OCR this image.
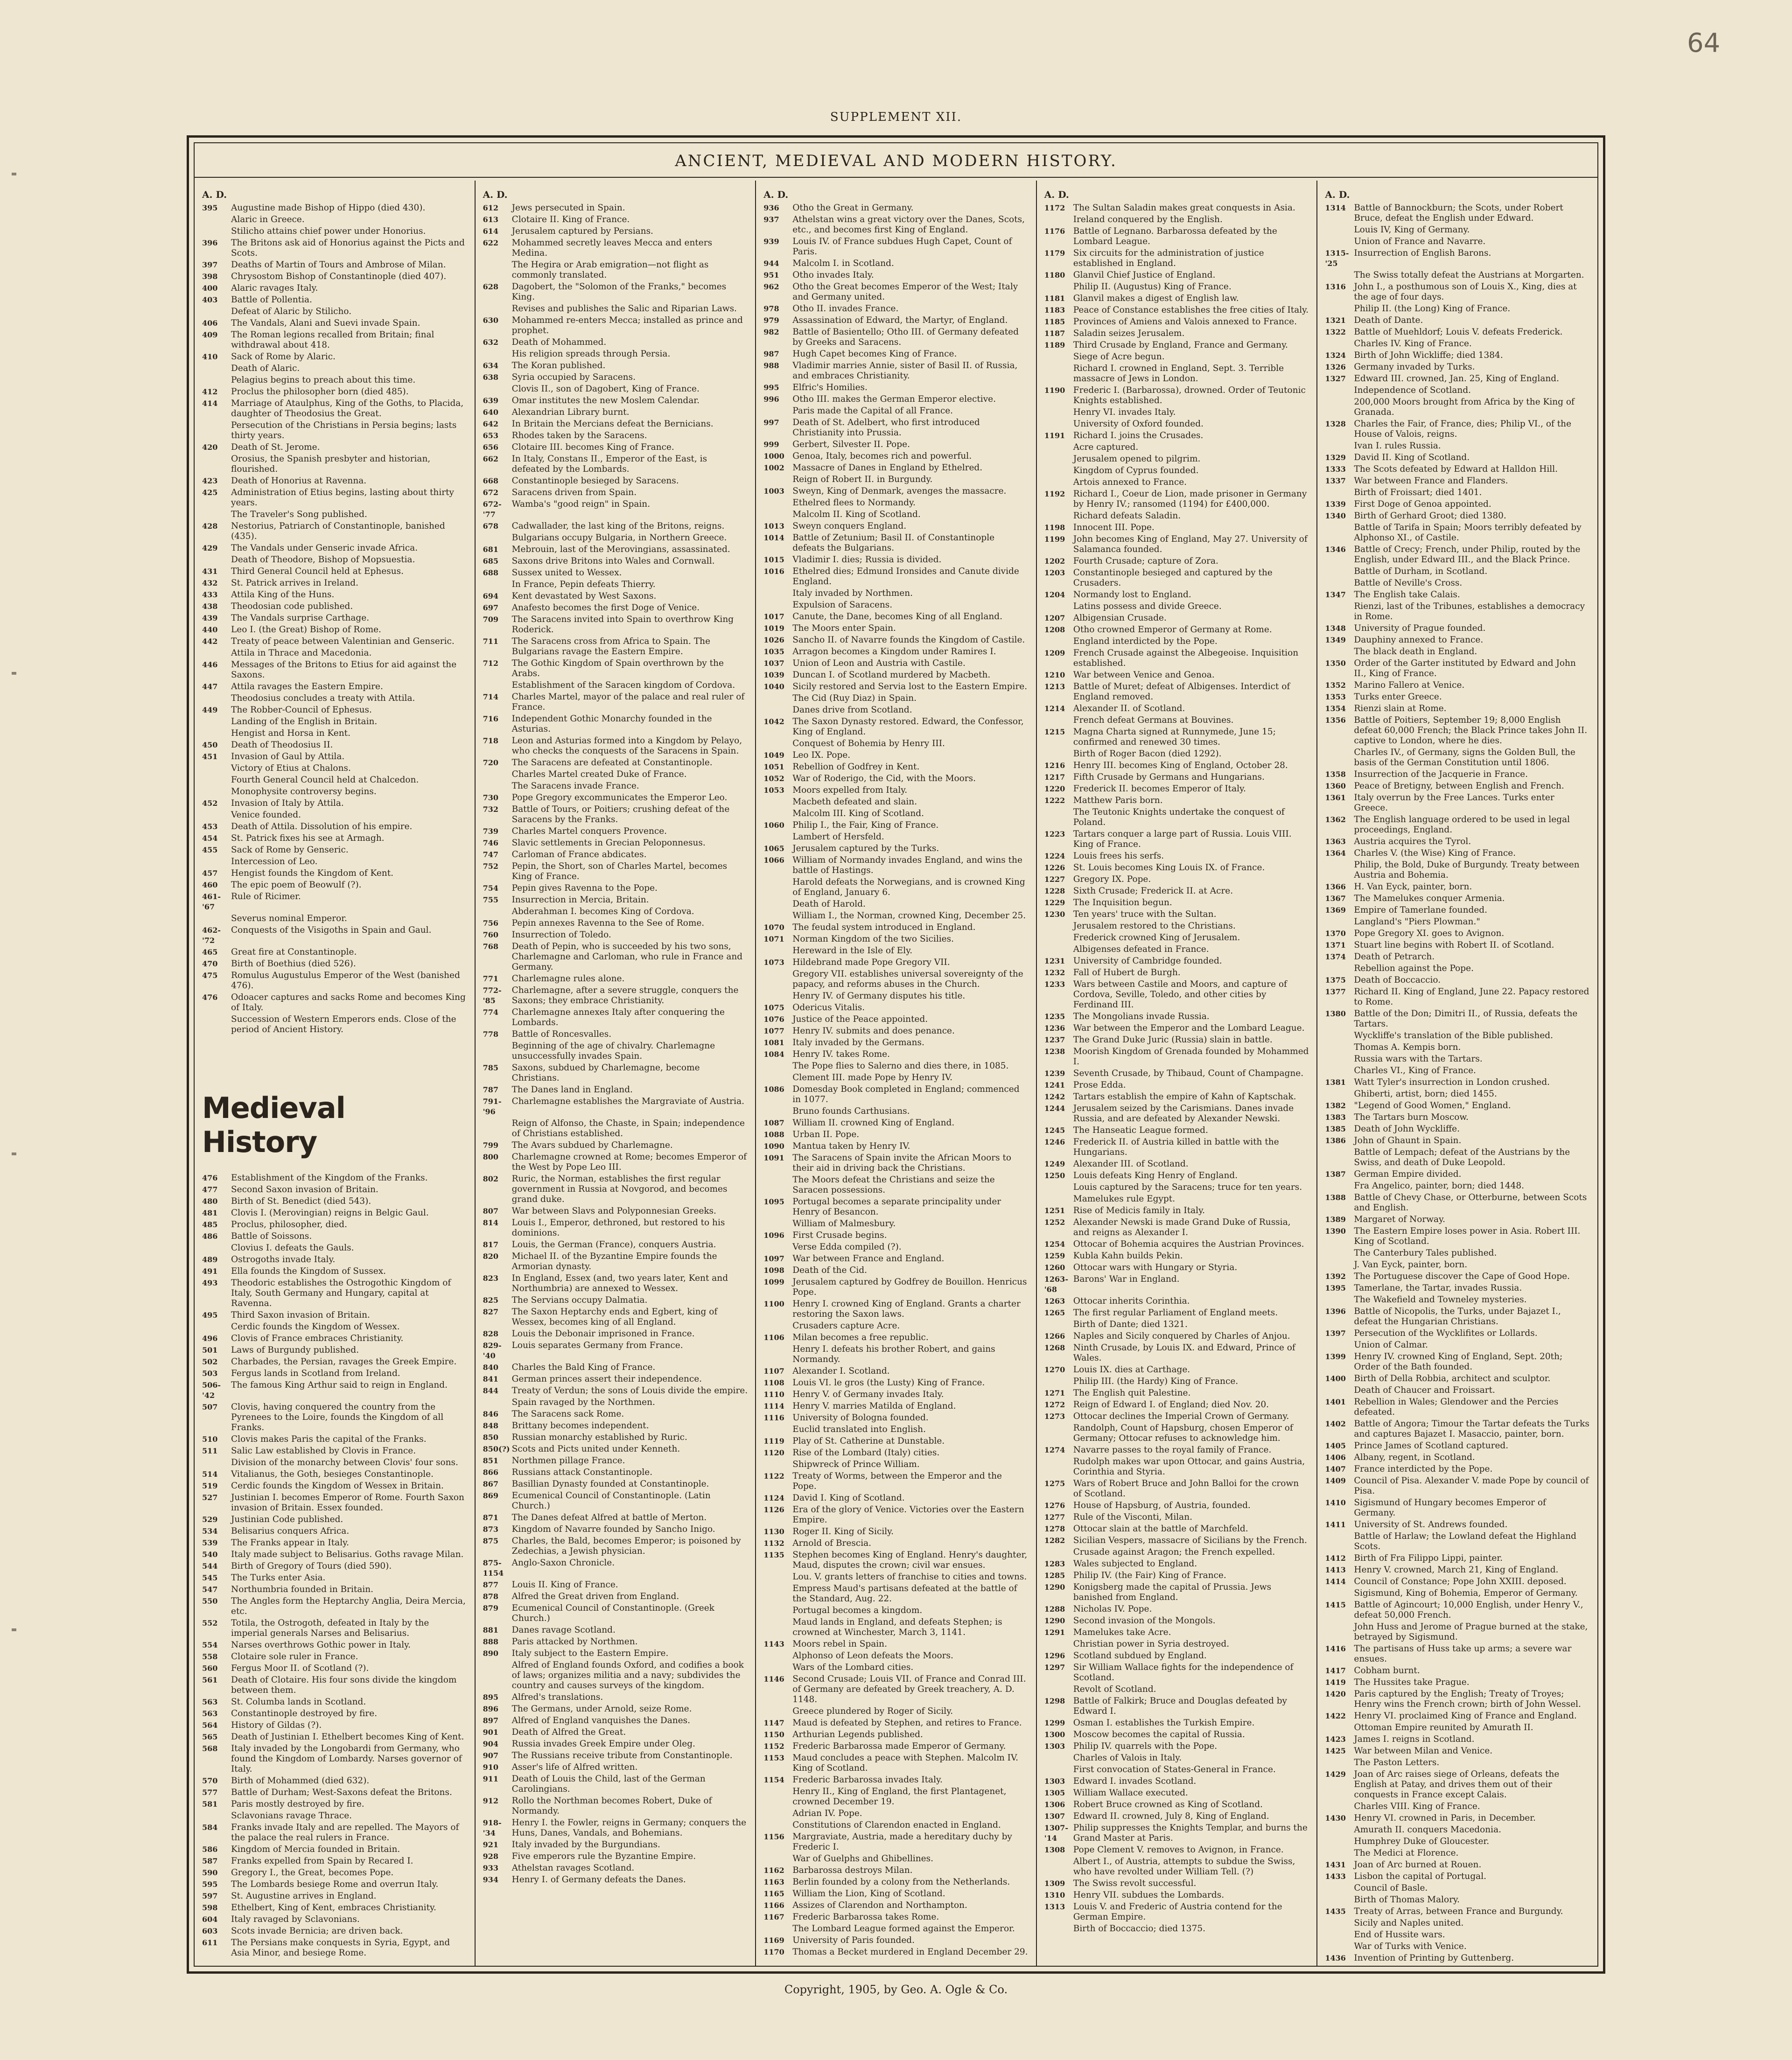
64
SUPPLEMENT XII.
ANCIENT, MEDIEVAL AND MODERN HISTORY.
A. D.
395	Augustine made Bishop of Hippo (died 430).
Alaric in Greece.
Stilicho attains chief power under Honorius.
396	The Britons ask aid of Honorius against the Picts and Scots.
397	Deaths of Martin of Tours and Ambrose of Milan.
398	Chrysostom Bishop of Constantinople (died 407).
400	Alaric ravages Italy.
403	Battle of Pollentia.
Defeat of Alaric by Stilicho.
406	The Vandals, Alani and Suevi invade Spain.
409	The Roman legions recalled from Britain; final withdrawal about 418.
410	Sack of Rome by Alaric.
Death of Alaric.
Pelagius begins to preach about this time.
412	Proclus the philosopher born (died 485).
414	Marriage of Ataulphus, King of the Goths, to Placida, daughter of Theodosius the Great.
Persecution of the Christians in Persia begins; lasts thirty years.
420	Death of St. Jerome.
Orosius, the Spanish presbyter and historian, flourished.
423	Death of Honorius at Ravenna.
425	Administration of Etius begins, lasting about thirty years.
The Traveler's Song published.
428	Nestorius, Patriarch of Constantinople, banished (435).
429	The Vandals under Genseric invade Africa.
Death of Theodore, Bishop of Mopsuestia.
431	Third General Council held at Ephesus.
432	St. Patrick arrives in Ireland.
433	Attila King of the Huns.
438	Theodosian code published.
439	The Vandals surprise Carthage.
440	Leo I. (the Great) Bishop of Rome.
442	Treaty of peace between Valentinian and Genseric.
Attila in Thrace and Macedonia.
446	Messages of the Britons to Etius for aid against the Saxons.
447	Attila ravages the Eastern Empire.
Theodosius concludes a treaty with Attila.
449	The Robber-Council of Ephesus.
Landing of the English in Britain.
Hengist and Horsa in Kent.
450	Death of Theodosius II.
451	Invasion of Gaul by Attila.
Victory of Etius at Chalons.
Fourth General Council held at Chalcedon.
Monophysite controversy begins.
452	Invasion of Italy by Attila.
Venice founded.
453	Death of Attila. Dissolution of his empire.
454	St. Patrick fixes his see at Armagh.
455	Sack of Rome by Genseric.
Intercession of Leo.
457	Hengist founds the Kingdom of Kent.
460	The epic poem of Beowulf (?).
461-'67
Rule of Ricimer.
Severus nominal Emperor.
462-'72
Conquests of the Visigoths in Spain and Gaul.
465	Great fire at Constantinople.
470	Birth of Boethius (died 526).
475	Romulus Augustulus Emperor of the West (banished 476).
476	Odoacer captures and sacks Rome and becomes King of Italy.
Succession of Western Emperors ends. Close of the period of Ancient History.
Medieval History
476	Establishment of the Kingdom of the Franks.
477	Second Saxon invasion of Britain.
480	Birth of St. Benedict (died 543).
481	Clovis I. (Merovingian) reigns in Belgic Gaul.
485	Proclus, philosopher, died.
486	Battle of Soissons.
Clovius I. defeats the Gauls.
489	Ostrogoths invade Italy.
491	Ella founds the Kingdom of Sussex.
493	Theodoric establishes the Ostrogothic Kingdom of Italy, South Germany and Hungary, capital at Ravenna.
495	Third Saxon invasion of Britain.
Cerdic founds the Kingdom of Wessex.
496	Clovis of France embraces Christianity.
501	Laws of Burgundy published.
502	Charbades, the Persian, ravages the Greek Empire.
503	Fergus lands in Scotland from Ireland.
506-'42
The famous King Arthur said to reign in England.
507	Clovis, having conquered the country from the Pyrenees to the Loire, founds the Kingdom of all Franks.
510	Clovis makes Paris the capital of the Franks.
511	Salic Law established by Clovis in France.
Division of the monarchy between Clovis' four sons.
514	Vitalianus, the Goth, besieges Constantinople.
519	Cerdic founds the Kingdom of Wessex in Britain.
527	Justinian I. becomes Emperor of Rome. Fourth Saxon invasion of Britain. Essex founded.
529	Justinian Code published.
534	Belisarius conquers Africa.
539	The Franks appear in Italy.
540	Italy made subject to Belisarius. Goths ravage Milan.
544	Birth of Gregory of Tours (died 590).
545	The Turks enter Asia.
547	Northumbria founded in Britain.
550	The Angles form the Heptarchy Anglia, Deira Mercia, etc.
552	Totila, the Ostrogoth, defeated in Italy by the imperial generals Narses and Belisarius.
554	Narses overthrows Gothic power in Italy.
558	Clotaire sole ruler in France.
560	Fergus Moor II. of Scotland (?).
561	Death of Clotaire. His four sons divide the kingdom between them.
563	St. Columba lands in Scotland.
563	Constantinople destroyed by fire.
564	History of Gildas (?).
565	Death of Justinian I. Ethelbert becomes King of Kent.
568	Italy invaded by the Longobardi from Germany, who found the Kingdom of Lombardy. Narses governor of Italy.
570	Birth of Mohammed (died 632).
577	Battle of Durham; West-Saxons defeat the Britons.
581	Paris mostly destroyed by fire.
Sclavonians ravage Thrace.
584	Franks invade Italy and are repelled. The Mayors of the palace the real rulers in France.
586	Kingdom of Mercia founded in Britain.
587	Franks expelled from Spain by Recared I.
590	Gregory I., the Great, becomes Pope.
595	The Lombards besiege Rome and overrun Italy.
597	St. Augustine arrives in England.
598	Ethelbert, King of Kent, embraces Christianity.
604	Italy ravaged by Sclavonians.
603	Scots invade Bernicia; are driven back.
611	The Persians make conquests in Syria, Egypt, and Asia Minor, and besiege Rome.
A. D.
612	Jews persecuted in Spain.
613	Clotaire II. King of France.
614	Jerusalem captured by Persians.
622	Mohammed secretly leaves Mecca and enters Medina.
The Hegira or Arab emigration—not flight as commonly translated.
628	Dagobert, the "Solomon of the Franks," becomes King.
Revises and publishes the Salic and Riparian Laws.
630	Mohammed re-enters Mecca; installed as prince and prophet.
632	Death of Mohammed.
His religion spreads through Persia.
634	The Koran published.
638	Syria occupied by Saracens.
Clovis II., son of Dagobert, King of France.
639	Omar institutes the new Moslem Calendar.
640	Alexandrian Library burnt.
642	In Britain the Mercians defeat the Bernicians.
653	Rhodes taken by the Saracens.
656	Clotaire III. becomes King of France.
662	In Italy, Constans II., Emperor of the East, is defeated by the Lombards.
668	Constantinople besieged by Saracens.
672	Saracens driven from Spain.
672-'77
Wamba's "good reign" in Spain.
678	Cadwallader, the last king of the Britons, reigns.
Bulgarians occupy Bulgaria, in Northern Greece.
681	Mebrouin, last of the Merovingians, assassinated.
685	Saxons drive Britons into Wales and Cornwall.
688	Sussex united to Wessex.
In France, Pepin defeats Thierry.
694	Kent devastated by West Saxons.
697	Anafesto becomes the first Doge of Venice.
709	The Saracens invited into Spain to overthrow King Roderick.
711	The Saracens cross from Africa to Spain. The Bulgarians ravage the Eastern Empire.
712	The Gothic Kingdom of Spain overthrown by the Arabs.
Establishment of the Saracen kingdom of Cordova.
714	Charles Martel, mayor of the palace and real ruler of France.
716	Independent Gothic Monarchy founded in the Asturias.
718	Leon and Asturias formed into a Kingdom by Pelayo, who checks the conquests of the Saracens in Spain.
720	The Saracens are defeated at Constantinople.
Charles Martel created Duke of France.
The Saracens invade France.
730	Pope Gregory excommunicates the Emperor Leo.
732	Battle of Tours, or Poitiers; crushing defeat of the Saracens by the Franks.
739	Charles Martel conquers Provence.
746	Slavic settlements in Grecian Peloponnesus.
747	Carloman of France abdicates.
752	Pepin, the Short, son of Charles Martel, becomes King of France.
754	Pepin gives Ravenna to the Pope.
755	Insurrection in Mercia, Britain.
Abderahman I. becomes King of Cordova.
756	Pepin annexes Ravenna to the See of Rome.
760	Insurrection of Toledo.
768	Death of Pepin, who is succeeded by his two sons, Charlemagne and Carloman, who rule in France and Germany.
771	Charlemagne rules alone.
772-'85
Charlemagne, after a severe struggle, conquers the Saxons; they embrace Christianity.
774	Charlemagne annexes Italy after conquering the Lombards.
778	Battle of Roncesvalles.
Beginning of the age of chivalry. Charlemagne unsuccessfully invades Spain.
785	Saxons, subdued by Charlemagne, become Christians.
787	The Danes land in England.
791-'96
Charlemagne establishes the Margraviate of Austria.
Reign of Alfonso, the Chaste, in Spain; independence of Christians established.
799	The Avars subdued by Charlemagne.
800	Charlemagne crowned at Rome; becomes Emperor of the West by Pope Leo III.
802	Ruric, the Norman, establishes the first regular government in Russia at Novgorod, and becomes grand duke.
807	War between Slavs and Polyponnesian Greeks.
814	Louis I., Emperor, dethroned, but restored to his dominions.
817	Louis, the German (France), conquers Austria.
820	Michael II. of the Byzantine Empire founds the Armorian dynasty.
823	In England, Essex (and, two years later, Kent and Northumbria) are annexed to Wessex.
825	The Servians occupy Dalmatia.
827	The Saxon Heptarchy ends and Egbert, king of Wessex, becomes king of all England.
828	Louis the Debonair imprisoned in France.
829-'40
Louis separates Germany from France.
840	Charles the Bald King of France.
841	German princes assert their independence.
844	Treaty of Verdun; the sons of Louis divide the empire.
Spain ravaged by the Northmen.
846	The Saracens sack Rome.
848	Brittany becomes independent.
850	Russian monarchy established by Ruric.
850(?) Scots and Picts united under Kenneth.
851	Northmen pillage France.
866	Russians attack Constantinople.
867	Basillian Dynasty founded at Constantinople.
869	Ecumenical Council of Constantinople. (Latin Church.)
871	The Danes defeat Alfred at battle of Merton.
873	Kingdom of Navarre founded by Sancho Inigo.
875	Charles, the Bald, becomes Emperor; is poisoned by Zedechias, a Jewish physician.
875-1154
Anglo-Saxon Chronicle.
877	Louis II. King of France.
878	Alfred the Great driven from England.
879	Ecumenical Council of Constantinople. (Greek Church.)
881	Danes ravage Scotland.
888	Paris attacked by Northmen.
890	Italy subject to the Eastern Empire.
Alfred of England founds Oxford, and codifies a book of laws; organizes militia and a navy; subdivides the country and causes surveys of the kingdom.
895	Alfred's translations.
896	The Germans, under Arnold, seize Rome.
897	Alfred of England vanquishes the Danes.
901	Death of Alfred the Great.
904	Russia invades Greek Empire under Oleg.
907	The Russians receive tribute from Constantinople.
910	Asser's life of Alfred written.
911	Death of Louis the Child, last of the German Carolingians.
912	Rollo the Northman becomes Robert, Duke of Normandy.
918-'34
Henry I. the Fowler, reigns in Germany; conquers the Huns, Danes, Vandals, and Bohemians.
921	Italy invaded by the Burgundians.
928	Five emperors rule the Byzantine Empire.
933	Athelstan ravages Scotland.
934	Henry I. of Germany defeats the Danes.
A. D.
936	Otho the Great in Germany.
937	Athelstan wins a great victory over the Danes, Scots, etc., and becomes first King of England.
939	Louis IV. of France subdues Hugh Capet, Count of Paris.
944	Malcolm I. in Scotland.
951	Otho invades Italy.
962	Otho the Great becomes Emperor of the West; Italy and Germany united.
978	Otho II. invades France.
979	Assassination of Edward, the Martyr, of England.
982	Battle of Basientello; Otho III. of Germany defeated by Greeks and Saracens.
987	Hugh Capet becomes King of France.
988	Vladimir marries Annie, sister of Basil II. of Russia, and embraces Christianity.
995	Elfric's Homilies.
996	Otho III. makes the German Emperor elective.
Paris made the Capital of all France.
997	Death of St. Adelbert, who first introduced Christianity into Prussia.
999	Gerbert, Silvester II. Pope.
1000 Genoa, Italy, becomes rich and powerful.
1002 Massacre of Danes in England by Ethelred.
Reign of Robert II. in Burgundy.
1003 Sweyn, King of Denmark, avenges the massacre.
Ethelred flees to Normandy.
Malcolm II. King of Scotland.
1013 Sweyn conquers England.
1014 Battle of Zetunium; Basil II. of Constantinople defeats the Bulgarians.
1015 Vladimir I. dies; Russia is divided.
1016 Ethelred dies; Edmund Ironsides and Canute divide England.
Italy invaded by Northmen.
Expulsion of Saracens.
1017 Canute, the Dane, becomes King of all England.
1019 The Moors enter Spain.
1026 Sancho II. of Navarre founds the Kingdom of Castile.
1035 Arragon becomes a Kingdom under Ramires I.
1037 Union of Leon and Austria with Castile.
1039 Duncan I. of Scotland murdered by Macbeth.
1040 Sicily restored and Servia lost to the Eastern Empire.
The Cid (Ruy Diaz) in Spain.
Danes drive from Scotland.
1042 The Saxon Dynasty restored. Edward, the Confessor, King of England.
Conquest of Bohemia by Henry III.
1049 Leo IX. Pope.
1051 Rebellion of Godfrey in Kent.
1052 War of Roderigo, the Cid, with the Moors.
1053 Moors expelled from Italy.
Macbeth defeated and slain.
Malcolm III. King of Scotland.
1060 Philip I., the Fair, King of France.
Lambert of Hersfeld.
1065 Jerusalem captured by the Turks.
1066 William of Normandy invades England, and wins the battle of Hastings.
Harold defeats the Norwegians, and is crowned King of England, January 6.
Death of Harold.
William I., the Norman, crowned King, December 25.
1070 The feudal system introduced in England.
1071 Norman Kingdom of the two Sicilies.
Hereward in the Isle of Ely.
1073 Hildebrand made Pope Gregory VII.
Gregory VII. establishes universal sovereignty of the papacy, and reforms abuses in the Church.
Henry IV. of Germany disputes his title.
1075 Odericus Vitalis.
1076 Justice of the Peace appointed.
1077 Henry IV. submits and does penance.
1081 Italy invaded by the Germans.
1084 Henry IV. takes Rome.
The Pope flies to Salerno and dies there, in 1085.
Clement III. made Pope by Henry IV.
1086 Domesday Book completed in England; commenced in 1077.
Bruno founds Carthusians.
1087 William II. crowned King of England.
1088 Urban II. Pope.
1090 Mantua taken by Henry IV.
1091 The Saracens of Spain invite the African Moors to their aid in driving back the Christians.
The Moors defeat the Christians and seize the Saracen possessions.
1095 Portugal becomes a separate principality under Henry of Besancon.
William of Malmesbury.
1096 First Crusade begins.
Verse Edda compiled (?).
1097 War between France and England.
1098 Death of the Cid.
1099 Jerusalem captured by Godfrey de Bouillon. Henricus Pope.
1100 Henry I. crowned King of England. Grants a charter restoring the Saxon laws.
Crusaders capture Acre.
1106 Milan becomes a free republic.
Henry I. defeats his brother Robert, and gains Normandy.
1107 Alexander I. Scotland.
1108 Louis VI. le gros (the Lusty) King of France.
1110 Henry V. of Germany invades Italy.
1114 Henry V. marries Matilda of England.
1116 University of Bologna founded.
Euclid translated into English.
1119 Play of St. Catherine at Dunstable.
1120 Rise of the Lombard (Italy) cities.
Shipwreck of Prince William.
1122 Treaty of Worms, between the Emperor and the Pope.
1124 David I. King of Scotland.
1126 Era of the glory of Venice. Victories over the Eastern Empire.
1130 Roger II. King of Sicily.
1132 Arnold of Brescia.
1135 Stephen becomes King of England. Henry's daughter, Maud, disputes the crown; civil war ensues.
Lou. V. grants letters of franchise to cities and towns.
Empress Maud's partisans defeated at the battle of the Standard, Aug. 22.
Portugal becomes a kingdom.
Maud lands in England, and defeats Stephen; is crowned at Winchester, March 3, 1141.
1143 Moors rebel in Spain.
Alphonso of Leon defeats the Moors.
Wars of the Lombard cities.
1146 Second Crusade; Louis VII. of France and Conrad III. of Germany are defeated by Greek treachery, A. D. 1148.
Greece plundered by Roger of Sicily.
1147 Maud is defeated by Stephen, and retires to France.
1150 Arthurian Legends published.
1152 Frederic Barbarossa made Emperor of Germany.
1153 Maud concludes a peace with Stephen. Malcolm IV. King of Scotland.
1154 Frederic Barbarossa invades Italy.
Henry II., King of England, the first Plantagenet, crowned December 19.
Adrian IV. Pope.
Constitutions of Clarendon enacted in England.
1156 Margraviate, Austria, made a hereditary duchy by Frederic I.
War of Guelphs and Ghibellines.
1162 Barbarossa destroys Milan.
1163 Berlin founded by a colony from the Netherlands.
1165 William the Lion, King of Scotland.
1166 Assizes of Clarendon and Northampton.
1167 Frederic Barbarossa takes Rome.
The Lombard League formed against the Emperor.
1169 University of Paris founded.
1170 Thomas a Becket murdered in England December 29.
A. D.
1172 The Sultan Saladin makes great conquests in Asia.
Ireland conquered by the English.
1176 Battle of Legnano. Barbarossa defeated by the Lombard League.
1179 Six circuits for the administration of justice established in England.
1180 Glanvil Chief Justice of England.
Philip II. (Augustus) King of France.
1181 Glanvil makes a digest of English law.
1183 Peace of Constance establishes the free cities of Italy.
1185 Provinces of Amiens and Valois annexed to France.
1187 Saladin seizes Jerusalem.
1189 Third Crusade by England, France and Germany.
Siege of Acre begun.
Richard I. crowned in England, Sept. 3. Terrible massacre of Jews in London.
1190 Frederic I. (Barbarossa), drowned. Order of Teutonic Knights established.
Henry VI. invades Italy.
University of Oxford founded.
1191 Richard I. joins the Crusades.
Acre captured.
Jerusalem opened to pilgrim.
Kingdom of Cyprus founded.
Artois annexed to France.
1192 Richard I., Coeur de Lion, made prisoner in Germany by Henry IV.; ransomed (1194) for £400,000.
Richard defeats Saladin.
1198 Innocent III. Pope.
1199 John becomes King of England, May 27. University of Salamanca founded.
1202 Fourth Crusade; capture of Zora.
1203 Constantinople besieged and captured by the Crusaders.
1204 Normandy lost to England.
Latins possess and divide Greece.
1207 Albigensian Crusade.
1208 Otho crowned Emperor of Germany at Rome.
England interdicted by the Pope.
1209 French Crusade against the Albegeoise. Inquisition established.
1210 War between Venice and Genoa.
1213 Battle of Muret; defeat of Albigenses. Interdict of England removed.
1214 Alexander II. of Scotland.
French defeat Germans at Bouvines.
1215 Magna Charta signed at Runnymede, June 15; confirmed and renewed 30 times.
Birth of Roger Bacon (died 1292).
1216 Henry III. becomes King of England, October 28.
1217 Fifth Crusade by Germans and Hungarians.
1220 Frederick II. becomes Emperor of Italy.
1222 Matthew Paris born.
The Teutonic Knights undertake the conquest of Poland.
1223 Tartars conquer a large part of Russia. Louis VIII. King of France.
1224 Louis frees his serfs.
1226 St. Louis becomes King Louis IX. of France.
1227 Gregory IX. Pope.
1228 Sixth Crusade; Frederick II. at Acre.
1229 The Inquisition begun.
1230 Ten years' truce with the Sultan.
Jerusalem restored to the Christians.
Frederick crowned King of Jerusalem.
Albigenses defeated in France.
1231 University of Cambridge founded.
1232 Fall of Hubert de Burgh.
1233 Wars between Castile and Moors, and capture of Cordova, Seville, Toledo, and other cities by Ferdinand III.
1235 The Mongolians invade Russia.
1236 War between the Emperor and the Lombard League.
1237 The Grand Duke Juric (Russia) slain in battle.
1238 Moorish Kingdom of Grenada founded by Mohammed I.
1239 Seventh Crusade, by Thibaud, Count of Champagne.
1241 Prose Edda.
1242 Tartars establish the empire of Kahn of Kaptschak.
1244 Jerusalem seized by the Carismians. Danes invade Russia, and are defeated by Alexander Newski.
1245 The Hanseatic League formed.
1246 Frederick II. of Austria killed in battle with the Hungarians.
1249 Alexander III. of Scotland.
1250 Louis defeats King Henry of England.
Louis captured by the Saracens; truce for ten years.
Mamelukes rule Egypt.
1251 Rise of Medicis family in Italy.
1252 Alexander Newski is made Grand Duke of Russia, and reigns as Alexander I.
1254 Ottocar of Bohemia acquires the Austrian Provinces.
1259 Kubla Kahn builds Pekin.
1260 Ottocar wars with Hungary or Styria.
1263-'68
Barons' War in England.
1263 Ottocar inherits Corinthia.
1265 The first regular Parliament of England meets.
Birth of Dante; died 1321.
1266 Naples and Sicily conquered by Charles of Anjou.
1268 Ninth Crusade, by Louis IX. and Edward, Prince of Wales.
1270 Louis IX. dies at Carthage.
Philip III. (the Hardy) King of France.
1271 The English quit Palestine.
1272 Reign of Edward I. of England; died Nov. 20.
1273 Ottocar declines the Imperial Crown of Germany.
Randolph, Count of Hapsburg, chosen Emperor of Germany; Ottocar refuses to acknowledge him.
1274 Navarre passes to the royal family of France.
Rudolph makes war upon Ottocar, and gains Austria, Corinthia and Styria.
1275 Wars of Robert Bruce and John Balloi for the crown of Scotland.
1276 House of Hapsburg, of Austria, founded.
1277 Rule of the Visconti, Milan.
1278 Ottocar slain at the battle of Marchfeld.
1282 Sicilian Vespers, massacre of Sicilians by the French.
Crusade against Aragon; the French expelled.
1283 Wales subjected to England.
1285 Philip IV. (the Fair) King of France.
1290 Konigsberg made the capital of Prussia. Jews banished from England.
1288 Nicholas IV. Pope.
1290 Second invasion of the Mongols.
1291 Mamelukes take Acre.
Christian power in Syria destroyed.
1296 Scotland subdued by England.
1297 Sir William Wallace fights for the independence of Scotland.
Revolt of Scotland.
1298 Battle of Falkirk; Bruce and Douglas defeated by Edward I.
1299 Osman I. establishes the Turkish Empire.
1300 Moscow becomes the capital of Russia.
1303 Philip IV. quarrels with the Pope.
Charles of Valois in Italy.
First convocation of States-General in France.
1303 Edward I. invades Scotland.
1305 William Wallace executed.
1306 Robert Bruce crowned as King of Scotland.
1307 Edward II. crowned, July 8, King of England.
1307-'14
Philip suppresses the Knights Templar, and burns the Grand Master at Paris.
1308 Pope Clement V. removes to Avignon, in France.
Albert I., of Austria, attempts to subdue the Swiss, who have revolted under William Tell. (?)
1309 The Swiss revolt successful.
1310 Henry VII. subdues the Lombards.
1313 Louis V. and Frederic of Austria contend for the German Empire.
Birth of Boccaccio; died 1375.
A. D.
1314 Battle of Bannockburn; the Scots, under Robert Bruce, defeat the English under Edward.
Louis IV, King of Germany.
Union of France and Navarre.
1315-'25
Insurrection of English Barons.
The Swiss totally defeat the Austrians at Morgarten.
1316 John I., a posthumous son of Louis X., King, dies at the age of four days.
Philip II. (the Long) King of France.
1321 Death of Dante.
1322 Battle of Muehldorf; Louis V. defeats Frederick.
Charles IV. King of France.
1324 Birth of John Wickliffe; died 1384.
1326 Germany invaded by Turks.
1327 Edward III. crowned, Jan. 25, King of England.
Independence of Scotland.
200,000 Moors brought from Africa by the King of Granada.
1328 Charles the Fair, of France, dies; Philip VI., of the House of Valois, reigns.
Ivan I. rules Russia.
1329 David II. King of Scotland.
1333 The Scots defeated by Edward at Halldon Hill.
1337 War between France and Flanders.
Birth of Froissart; died 1401.
1339 First Doge of Genoa appointed.
1340 Birth of Gerhard Groot; died 1380.
Battle of Tarifa in Spain; Moors terribly defeated by Alphonso XI., of Castile.
1346 Battle of Crecy; French, under Philip, routed by the English, under Edward III., and the Black Prince.
Battle of Durham, in Scotland.
Battle of Neville's Cross.
1347 The English take Calais.
Rienzi, last of the Tribunes, establishes a democracy in Rome.
1348 University of Prague founded.
1349 Dauphiny annexed to France.
The black death in England.
1350 Order of the Garter instituted by Edward and John II., King of France.
1352 Marino Fallero at Venice.
1353 Turks enter Greece.
1354 Rienzi slain at Rome.
1356 Battle of Poitiers, September 19; 8,000 English defeat 60,000 French; the Black Prince takes John II. captive to London, where he dies.
Charles IV., of Germany, signs the Golden Bull, the basis of the German Constitution until 1806.
1358 Insurrection of the Jacquerie in France.
1360 Peace of Bretigny, between English and French.
1361 Italy overrun by the Free Lances. Turks enter Greece.
1362 The English language ordered to be used in legal proceedings, England.
1363 Austria acquires the Tyrol.
1364 Charles V. (the Wise) King of France.
Philip, the Bold, Duke of Burgundy. Treaty between Austria and Bohemia.
1366 H. Van Eyck, painter, born.
1367 The Mamelukes conquer Armenia.
1369 Empire of Tamerlane founded.
Langland's "Piers Plowman."
1370 Pope Gregory XI. goes to Avignon.
1371 Stuart line begins with Robert II. of Scotland.
1374 Death of Petrarch.
Rebellion against the Pope.
1375 Death of Boccaccio.
1377 Richard II. King of England, June 22. Papacy restored to Rome.
1380 Battle of the Don; Dimitri II., of Russia, defeats the Tartars.
Wyckliffe's translation of the Bible published.
Thomas A. Kempis born.
Russia wars with the Tartars.
Charles VI., King of France.
1381 Watt Tyler's insurrection in London crushed.
Ghiberti, artist, born; died 1455.
1382 "Legend of Good Women," England.
1383 The Tartars burn Moscow.
1385 Death of John Wyckliffe.
1386 John of Ghaunt in Spain.
Battle of Lempach; defeat of the Austrians by the Swiss, and death of Duke Leopold.
1387 German Empire divided.
Fra Angelico, painter, born; died 1448.
1388 Battle of Chevy Chase, or Otterburne, between Scots and English.
1389 Margaret of Norway.
1390 The Eastern Empire loses power in Asia. Robert III. King of Scotland.
The Canterbury Tales published.
J. Van Eyck, painter, born.
1392 The Portuguese discover the Cape of Good Hope.
1395 Tamerlane, the Tartar, invades Russia.
The Wakefield and Towneley mysteries.
1396 Battle of Nicopolis, the Turks, under Bajazet I., defeat the Hungarian Christians.
1397 Persecution of the Wycklifites or Lollards.
Union of Calmar.
1399 Henry IV. crowned King of England, Sept. 20th; Order of the Bath founded.
1400 Birth of Della Robbia, architect and sculptor.
Death of Chaucer and Froissart.
1401 Rebellion in Wales; Glendower and the Percies defeated.
1402 Battle of Angora; Timour the Tartar defeats the Turks and captures Bajazet I. Masaccio, painter, born.
1405 Prince James of Scotland captured.
1406 Albany, regent, in Scotland.
1407 France interdicted by the Pope.
1409 Council of Pisa. Alexander V. made Pope by council of Pisa.
1410 Sigismund of Hungary becomes Emperor of Germany.
1411 University of St. Andrews founded.
Battle of Harlaw; the Lowland defeat the Highland Scots.
1412 Birth of Fra Filippo Lippi, painter.
1413 Henry V. crowned, March 21, King of England.
1414 Council of Constance; Pope John XXIII. deposed.
Sigismund, King of Bohemia, Emperor of Germany.
1415 Battle of Agincourt; 10,000 English, under Henry V., defeat 50,000 French.
John Huss and Jerome of Prague burned at the stake, betrayed by Sigismund.
1416 The partisans of Huss take up arms; a severe war ensues.
1417 Cobham burnt.
1419 The Hussites take Prague.
1420 Paris captured by the English; Treaty of Troyes; Henry wins the French crown; birth of John Wessel.
1422 Henry VI. proclaimed King of France and England.
Ottoman Empire reunited by Amurath II.
1423 James I. reigns in Scotland.
1425 War between Milan and Venice.
The Paston Letters.
1429 Joan of Arc raises siege of Orleans, defeats the English at Patay, and drives them out of their conquests in France except Calais.
Charles VIII. King of France.
1430 Henry VI. crowned in Paris, in December.
Amurath II. conquers Macedonia.
Humphrey Duke of Gloucester.
The Medici at Florence.
1431 Joan of Arc burned at Rouen.
1433 Lisbon the capital of Portugal.
Council of Basle.
Birth of Thomas Malory.
1435 Treaty of Arras, between France and Burgundy.
Sicily and Naples united.
End of Hussite wars.
War of Turks with Venice.
1436 Invention of Printing by Guttenberg.
Copyright, 1905, by Geo. A. Ogle & Co.
